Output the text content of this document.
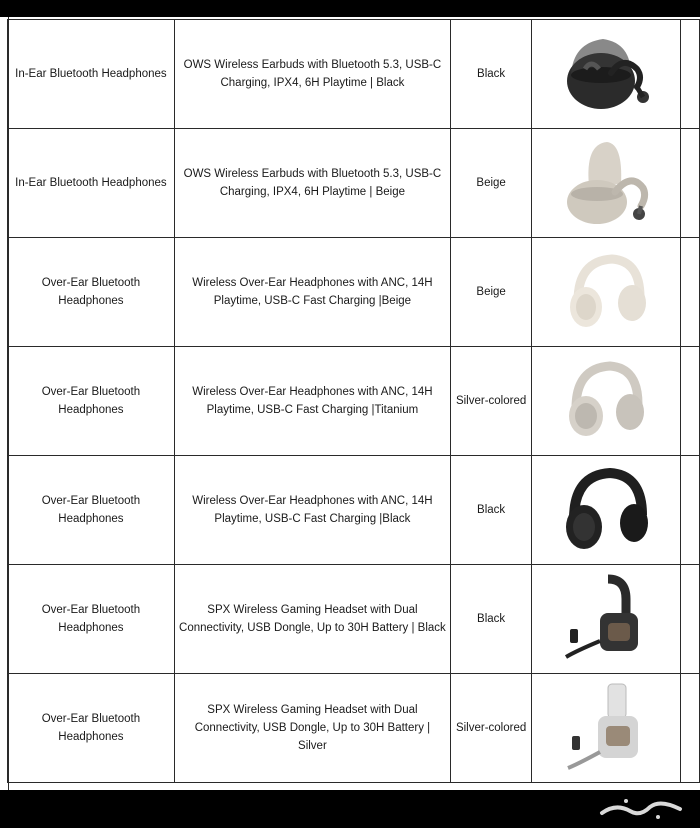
In-Ear Bluetooth Headphones	OWS Wireless Earbuds with Bluetooth 5.3, USB-C
Charging, IPX4, 6H Playtime | Black	Black	

In-Ear Bluetooth Headphones	OWS Wireless Earbuds with Bluetooth 5.3, USB-C
Charging, IPX4, 6H Playtime | Beige	Beige	

Over-Ear Bluetooth
Headphones	Wireless Over-Ear Headphones with ANC, 14H
Playtime, USB-C Fast Charging |Beige	Beige	

Over-Ear Bluetooth
Headphones	Wireless Over-Ear Headphones with ANC, 14H
Playtime, USB-C Fast Charging |Titanium	Silver-colored	

Over-Ear Bluetooth
Headphones	Wireless Over-Ear Headphones with ANC, 14H
Playtime, USB-C Fast Charging |Black	Black	

Over-Ear Bluetooth
Headphones	SPX Wireless Gaming Headset with Dual
Connectivity, USB Dongle, Up to 30H Battery | Black	Black	

Over-Ear Bluetooth
Headphones	SPX Wireless Gaming Headset with Dual
Connectivity, USB Dongle, Up to 30H Battery | Silver	Silver-colored	
